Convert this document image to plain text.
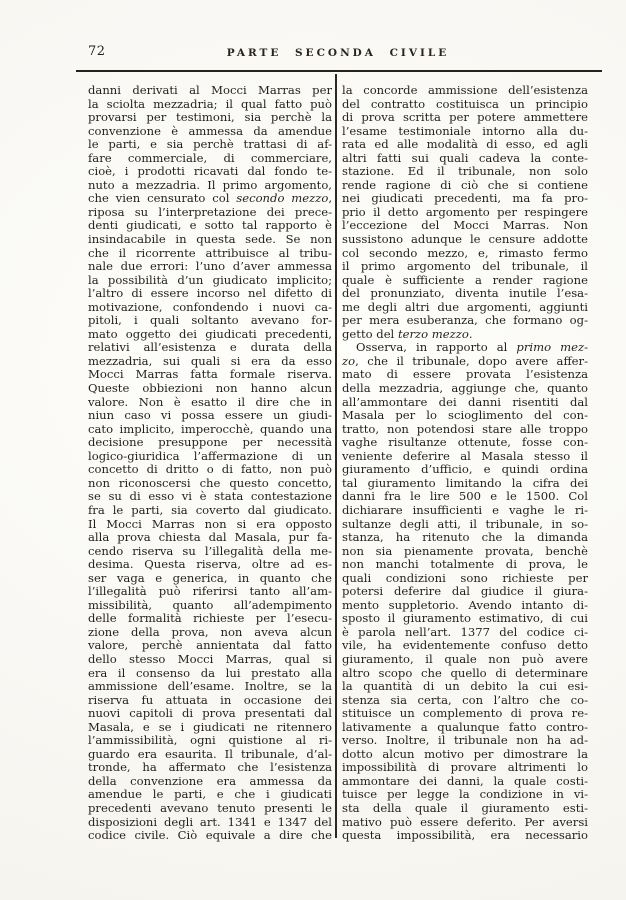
72	PARTE SECONDA CIVILE
danni derivati al Mocci Marras per
la sciolta mezzadria; il qual fatto può
provarsi per testimoni, sia perchè la
convenzione è ammessa da amendue
le parti, e sia perchè trattasi di af-
fare commerciale, di commerciare,
cioè, i prodotti ricavati dal fondo te-
nuto a mezzadria. Il primo argomento,
che vien censurato col secondo mezzo,
riposa su l’interpretazione dei prece-
denti giudicati, e sotto tal rapporto è
insindacabile in questa sede. Se non
che il ricorrente attribuisce al tribu-
nale due errori: l’uno d’aver ammessa
la possibilità d’un giudicato implicito;
l’altro di essere incorso nel difetto di
motivazione, confondendo i nuovi ca-
pitoli, i quali soltanto avevano for-
mato oggetto dei giudicati precedenti,
relativi all’esistenza e durata della
mezzadria, sui quali si era da esso
Mocci Marras fatta formale riserva.
Queste obbiezioni non hanno alcun
valore. Non è esatto il dire che in
niun caso vi possa essere un giudi-
cato implicito, imperocchè, quando una
decisione presuppone per necessità
logico-giuridica l’affermazione di un
concetto di dritto o di fatto, non può
non riconoscersi che questo concetto,
se su di esso vi è stata contestazione
fra le parti, sia coverto dal giudicato.
Il Mocci Marras non si era opposto
alla prova chiesta dal Masala, pur fa-
cendo riserva su l’illegalità della me-
desima. Questa riserva, oltre ad es-
ser vaga e generica, in quanto che
l’illegalità può riferirsi tanto all’am-
missibilità, quanto all’adempimento
delle formalità richieste per l’esecu-
zione della prova, non aveva alcun
valore, perchè annientata dal fatto
dello stesso Mocci Marras, qual si
era il consenso da lui prestato alla
ammissione dell’esame. Inoltre, se la
riserva fu attuata in occasione dei
nuovi capitoli di prova presentati dal
Masala, e se i giudicati ne ritennero
l’ammissibilità, ogni quistione al ri-
guardo era esaurita. Il tribunale, d’al-
tronde, ha affermato che l’esistenza
della convenzione era ammessa da
amendue le parti, e che i giudicati
precedenti avevano tenuto presenti le
disposizioni degli art. 1341 e 1347 del
codice civile. Ciò equivale a dire che
la concorde ammissione dell’esistenza
del contratto costituisca un principio
di prova scritta per potere ammettere
l’esame testimoniale intorno alla du-
rata ed alle modalità di esso, ed agli
altri fatti sui quali cadeva la conte-
stazione. Ed il tribunale, non solo
rende ragione di ciò che si contiene
nei giudicati precedenti, ma fa pro-
prio il detto argomento per respingere
l’eccezione del Mocci Marras. Non
sussistono adunque le censure addotte
col secondo mezzo, e, rimasto fermo
il primo argomento del tribunale, il
quale è sufficiente a render ragione
del pronunziato, diventa inutile l’esa-
me degli altri due argomenti, aggiunti
per mera esuberanza, che formano og-
getto del terzo mezzo.
Osserva, in rapporto al primo mez-
zo, che il tribunale, dopo avere affer-
mato di essere provata l’esistenza
della mezzadria, aggiunge che, quanto
all’ammontare dei danni risentiti dal
Masala per lo scioglimento del con-
tratto, non potendosi stare alle troppo
vaghe risultanze ottenute, fosse con-
veniente deferire al Masala stesso il
giuramento d’ufficio, e quindi ordina
tal giuramento limitando la cifra dei
danni fra le lire 500 e le 1500. Col
dichiarare insufficienti e vaghe le ri-
sultanze degli atti, il tribunale, in so-
stanza, ha ritenuto che la dimanda
non sia pienamente provata, benchè
non manchi totalmente di prova, le
quali condizioni sono richieste per
potersi deferire dal giudice il giura-
mento suppletorio. Avendo intanto di-
sposto il giuramento estimativo, di cui
è parola nell’art. 1377 del codice ci-
vile, ha evidentemente confuso detto
giuramento, il quale non può avere
altro scopo che quello di determinare
la quantità di un debito la cui esi-
stenza sia certa, con l’altro che co-
stituisce un complemento di prova re-
lativamente a qualunque fatto contro-
verso. Inoltre, il tribunale non ha ad-
dotto alcun motivo per dimostrare la
impossibilità di provare altrimenti lo
ammontare dei danni, la quale costi-
tuisce per legge la condizione in vi-
sta della quale il giuramento esti-
mativo può essere deferito. Per aversi
questa impossibilità, era necessario
